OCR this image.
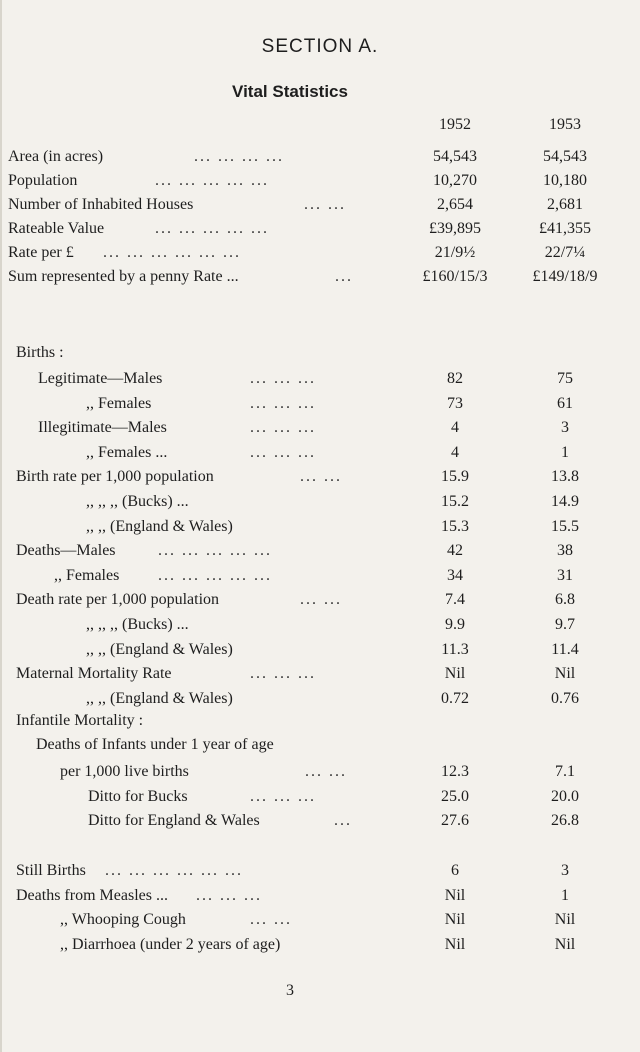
SECTION A.
Vital Statistics
1952	1953
Area (in acres)	... ... ... ...	54,543	54,543
Population	... ... ... ... ...	10,270	10,180
Number of Inhabited Houses	... ...	2,654	2,681
Rateable Value	... ... ... ... ...	£39,895	£41,355
Rate per £ ... ... ... ... ... ...	21/9½	22/7¼
Sum represented by a penny Rate ...	...	£160/15/3	£149/18/9
Births :
Legitimate—Males	... ... ...	82	75
,, Females	... ... ...	73	61
Illegitimate—Males	... ... ...	4	3
,, Females ...	... ... ...	4	1
Birth rate per 1,000 population	... ...	15.9	13.8
,, ,, ,, (Bucks) ...	15.2	14.9
,, ,, (England & Wales)	15.3	15.5
Deaths—Males	... ... ... ... ...	42	38
,, Females ... ... ... ... ...	34	31
Death rate per 1,000 population	... ...	7.4	6.8
,, ,, ,, (Bucks) ...	9.9	9.7
,, ,, (England & Wales)	11.3	11.4
Maternal Mortality Rate	... ... ...	Nil	Nil
,, ,, (England & Wales)	0.72	0.76
Infantile Mortality :
Deaths of Infants under 1 year of age
per 1,000 live births	... ...	12.3	7.1
Ditto for Bucks	... ... ...	25.0	20.0
Ditto for England & Wales	...	27.6	26.8
Still Births ... ... ... ... ... ...	6	3
Deaths from Measles ... ... ... ...	Nil	1
,, Whooping Cough	... ...	Nil	Nil
,, Diarrhoea (under 2 years of age)	Nil	Nil
3
